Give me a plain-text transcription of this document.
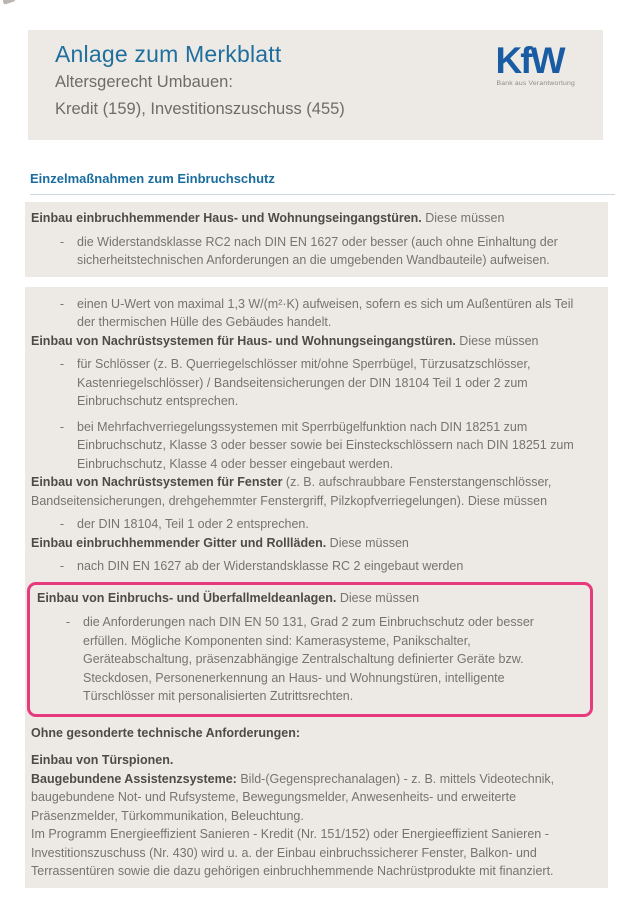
Anlage zum Merkblatt
Altersgerecht Umbauen:
Kredit (159), Investitionszuschuss (455)
KfW
Bank aus Verantwortung
Einzelmaßnahmen zum Einbruchschutz

Einbau einbruchhemmender Haus- und Wohnungseingangstüren. Diese müssen

-	die Widerstandsklasse RC2 nach DIN EN 1627 oder besser (auch ohne Einhaltung der sicherheitstechnischen Anforderungen an die umgebenden Wandbauteile) aufweisen.
-	einen U-Wert von maximal 1,3 W/(m²·K) aufweisen, sofern es sich um Außentüren als Teil der thermischen Hülle des Gebäudes handelt.

Einbau von Nachrüstsystemen für Haus- und Wohnungseingangstüren. Diese müssen

-	für Schlösser (z. B. Querriegelschlösser mit/ohne Sperrbügel, Türzusatzschlösser, Kastenriegelschlösser) / Bandseitensicherungen der DIN 18104 Teil 1 oder 2 zum Einbruchschutz entsprechen.
-	bei Mehrfachverriegelungssystemen mit Sperrbügelfunktion nach DIN 18251 zum Einbruchschutz, Klasse 3 oder besser sowie bei Einsteckschlössern nach DIN 18251 zum Einbruchschutz, Klasse 4 oder besser eingebaut werden.

Einbau von Nachrüstsystemen für Fenster (z. B. aufschraubbare Fensterstangenschlösser, Bandseitensicherungen, drehgehemmter Fenstergriff, Pilzkopfverriegelungen). Diese müssen

-	der DIN 18104, Teil 1 oder 2 entsprechen.

Einbau einbruchhemmender Gitter und Rollläden. Diese müssen

-	nach DIN EN 1627 ab der Widerstandsklasse RC 2 eingebaut werden

Einbau von Einbruchs- und Überfallmeldeanlagen. Diese müssen

-	die Anforderungen nach DIN EN 50 131, Grad 2 zum Einbruchschutz oder besser erfüllen. Mögliche Komponenten sind: Kamerasysteme, Panikschalter, Geräteabschaltung, präsenzabhängige Zentralschaltung definierter Geräte bzw. Steckdosen, Personenerkennung an Haus- und Wohnungstüren, intelligente Türschlösser mit personalisierten Zutrittsrechten.

Ohne gesonderte technische Anforderungen:

Einbau von Türspionen.

Baugebundene Assistenzsysteme: Bild-(Gegensprechanalagen) - z. B. mittels Videotechnik, baugebundene Not- und Rufsysteme, Bewegungsmelder, Anwesenheits- und erweiterte Präsenzmelder, Türkommunikation, Beleuchtung.

Im Programm Energieeffizient Sanieren - Kredit (Nr. 151/152) oder Energieeffizient Sanieren - Investitionszuschuss (Nr. 430) wird u. a. der Einbau einbruchssicherer Fenster, Balkon- und Terrassentüren sowie die dazu gehörigen einbruchhemmende Nachrüstprodukte mit finanziert.
